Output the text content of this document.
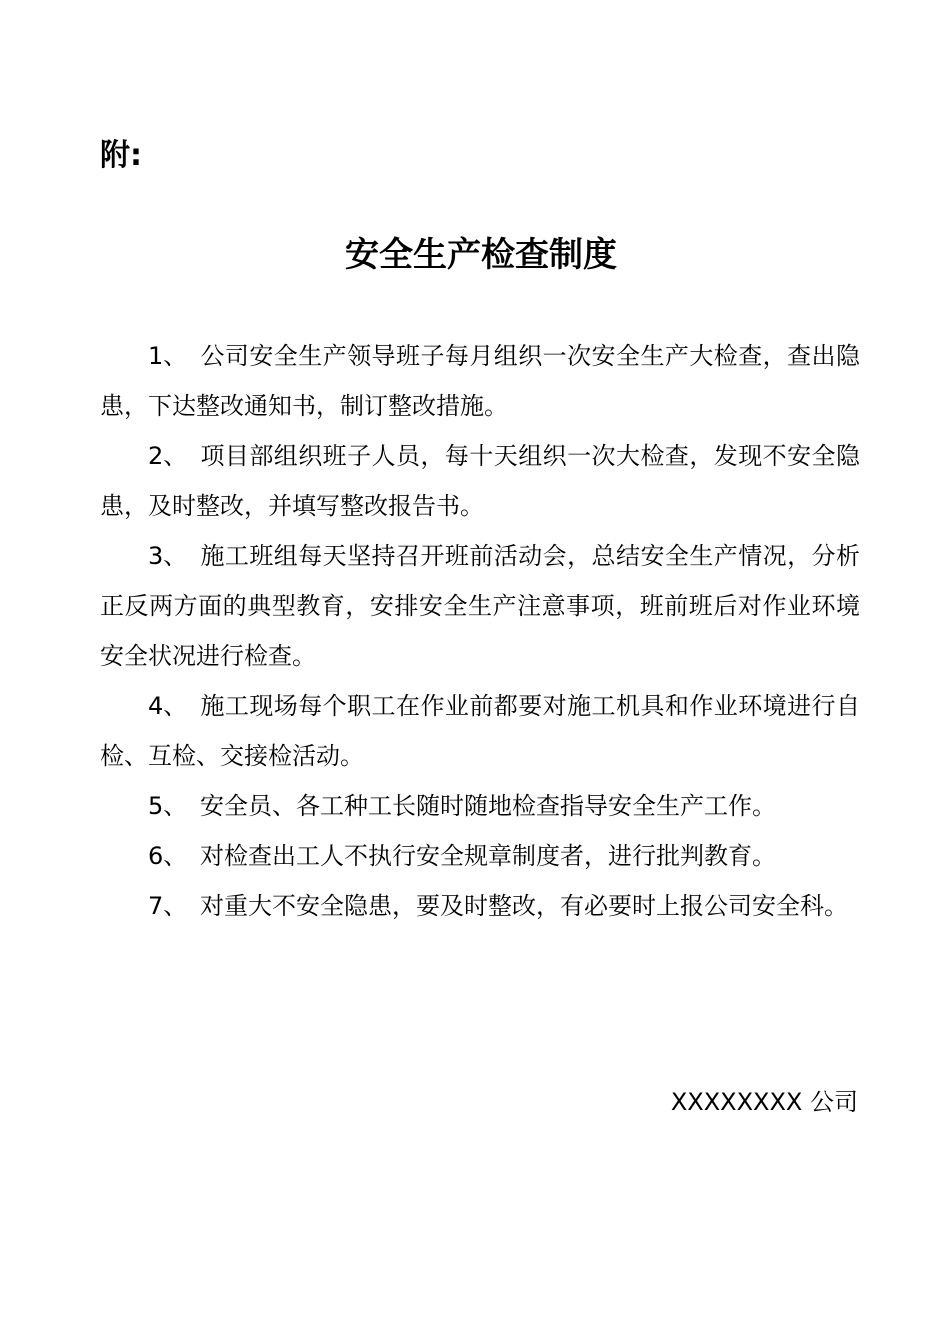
附:
安全生产检查制度

1、 公司安全生产领导班子每月组织一次安全生产大检查，查出隐患，下达整改通知书，制订整改措施。

2、 项目部组织班子人员，每十天组织一次大检查，发现不安全隐患，及时整改，并填写整改报告书。

3、 施工班组每天坚持召开班前活动会，总结安全生产情况，分析正反两方面的典型教育，安排安全生产注意事项，班前班后对作业环境安全状况进行检查。

4、 施工现场每个职工在作业前都要对施工机具和作业环境进行自检、互检、交接检活动。

5、 安全员、各工种工长随时随地检查指导安全生产工作。

6、 对检查出工人不执行安全规章制度者，进行批判教育。

7、 对重大不安全隐患，要及时整改，有必要时上报公司安全科。

XXXXXXXX 公司
